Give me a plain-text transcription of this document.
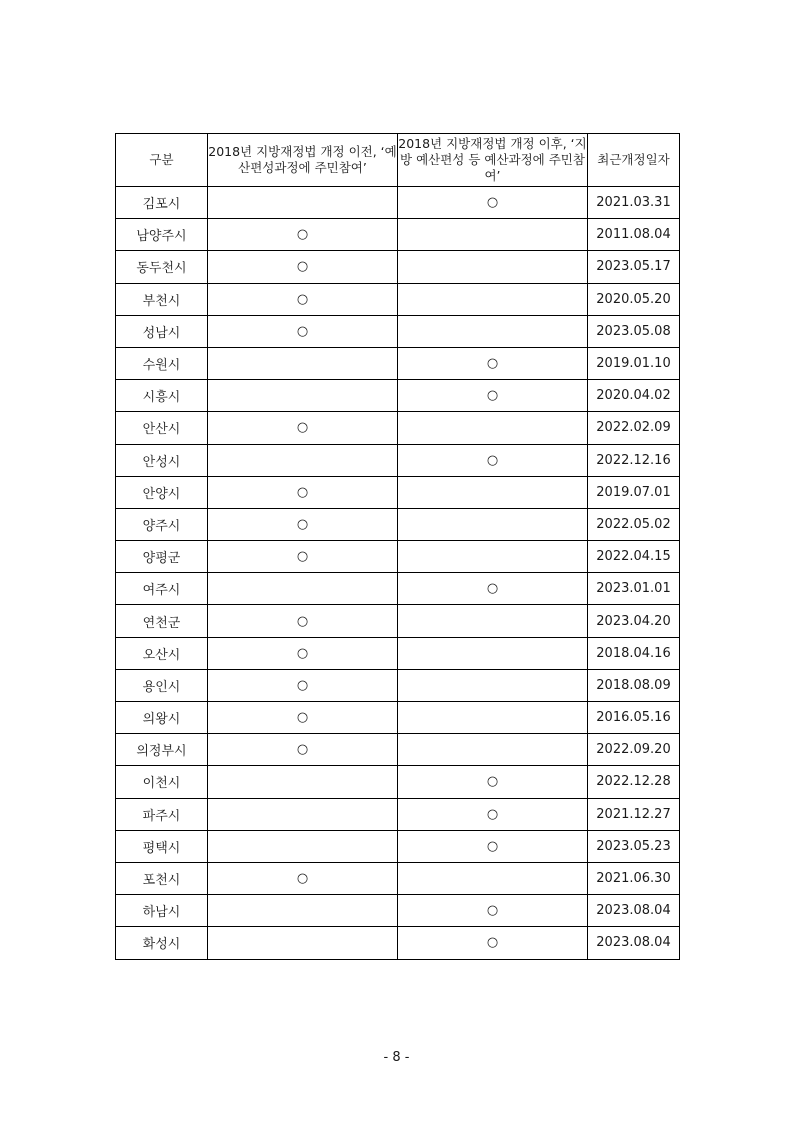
구분	2018년 지방재정법 개정 이전, ‘예산편성과정에 주민참여’	2018년 지방재정법 개정 이후, ‘지방 예산편성 등 예산과정에 주민참여’	최근개정일자
김포시		○	2021.03.31
남양주시	○		2011.08.04
동두천시	○		2023.05.17
부천시	○		2020.05.20
성남시	○		2023.05.08
수원시		○	2019.01.10
시흥시		○	2020.04.02
안산시	○		2022.02.09
안성시		○	2022.12.16
안양시	○		2019.07.01
양주시	○		2022.05.02
양평군	○		2022.04.15
여주시		○	2023.01.01
연천군	○		2023.04.20
오산시	○		2018.04.16
용인시	○		2018.08.09
의왕시	○		2016.05.16
의정부시	○		2022.09.20
이천시		○	2022.12.28
파주시		○	2021.12.27
평택시		○	2023.05.23
포천시	○		2021.06.30
하남시		○	2023.08.04
화성시		○	2023.08.04
- 8 -
